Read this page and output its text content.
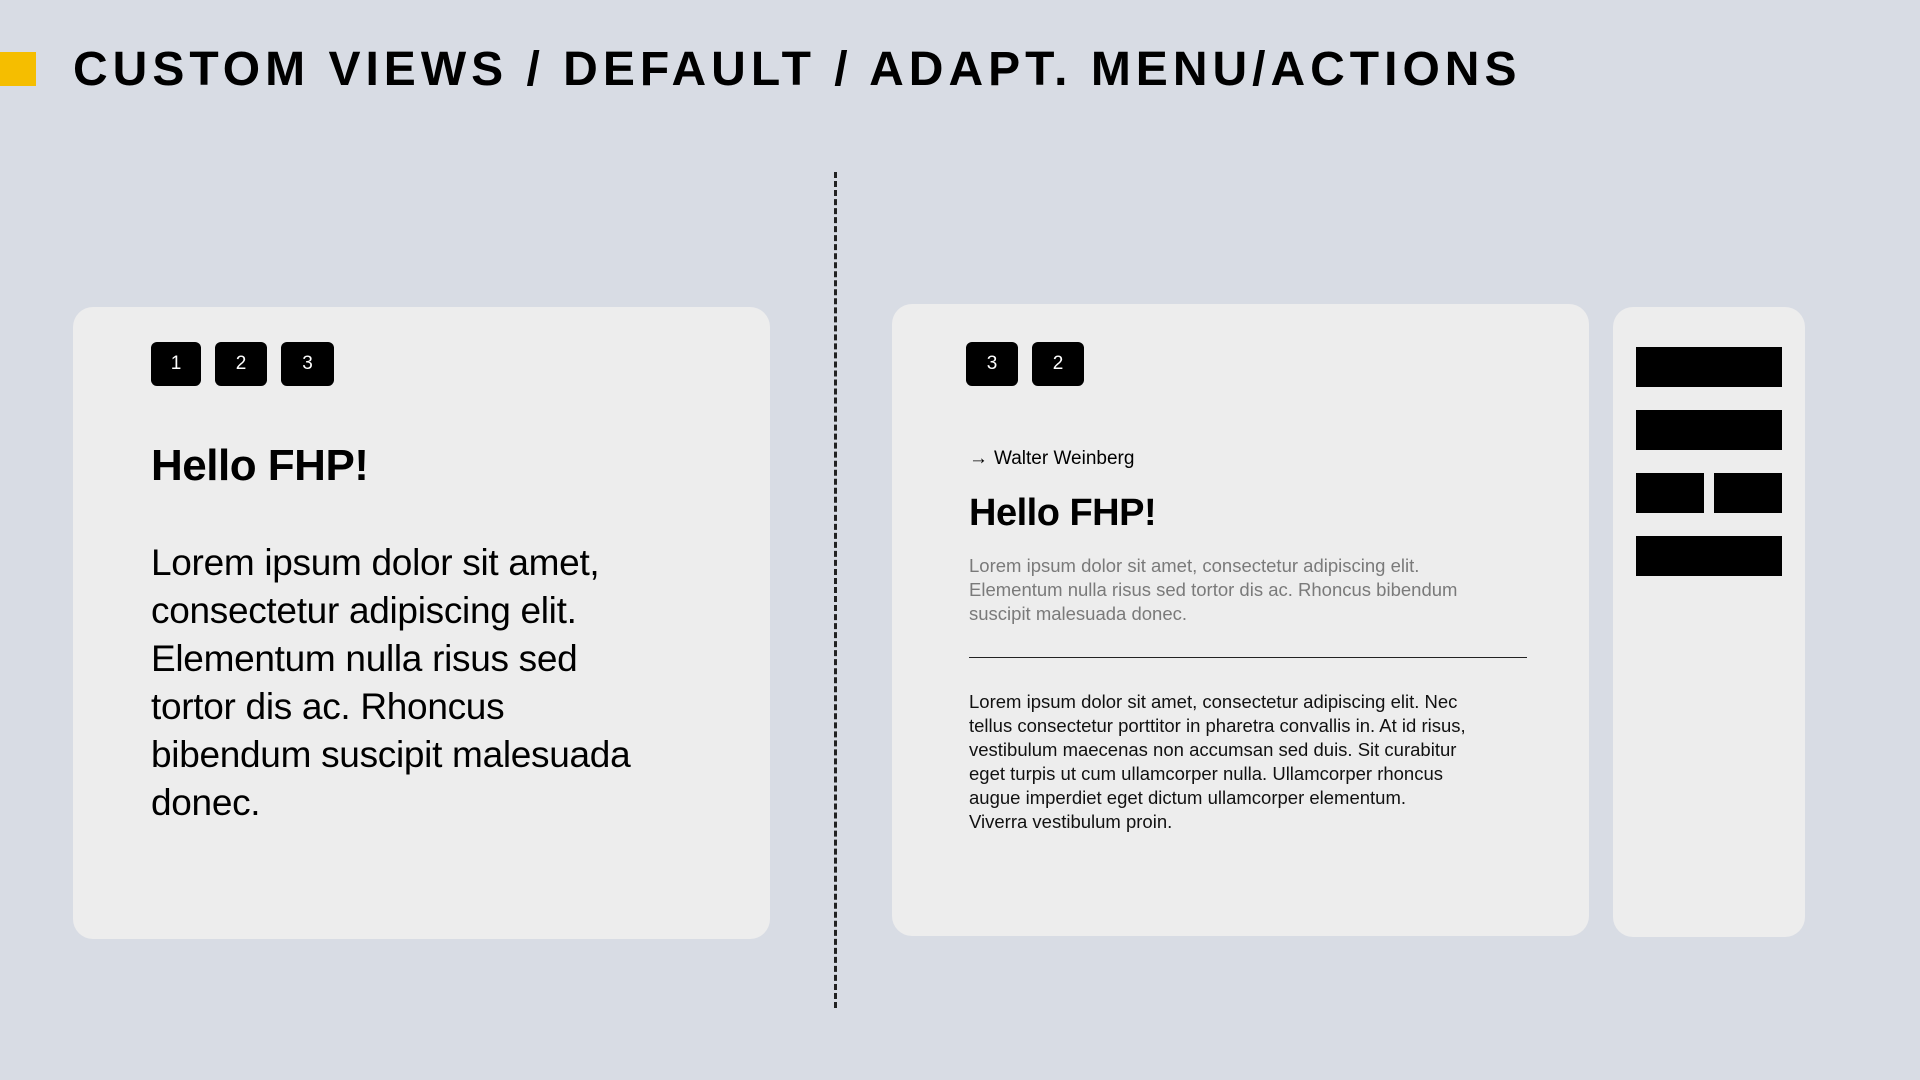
CUSTOM VIEWS / DEFAULT / ADAPT. MENU/ACTIONS
1	2	3
Hello FHP!

Lorem ipsum dolor sit amet, consectetur adipiscing elit. Elementum nulla risus sed tortor dis ac. Rhoncus bibendum suscipit malesuada donec.

3	2
→ Walter Weinberg
Hello FHP!

Lorem ipsum dolor sit amet, consectetur adipiscing elit. Elementum nulla risus sed tortor dis ac. Rhoncus bibendum suscipit malesuada donec.

Lorem ipsum dolor sit amet, consectetur adipiscing elit. Nec tellus consectetur porttitor in pharetra convallis in. At id risus, vestibulum maecenas non accumsan sed duis. Sit curabitur eget turpis ut cum ullamcorper nulla. Ullamcorper rhoncus augue imperdiet eget dictum ullamcorper elementum. Viverra vestibulum proin.
